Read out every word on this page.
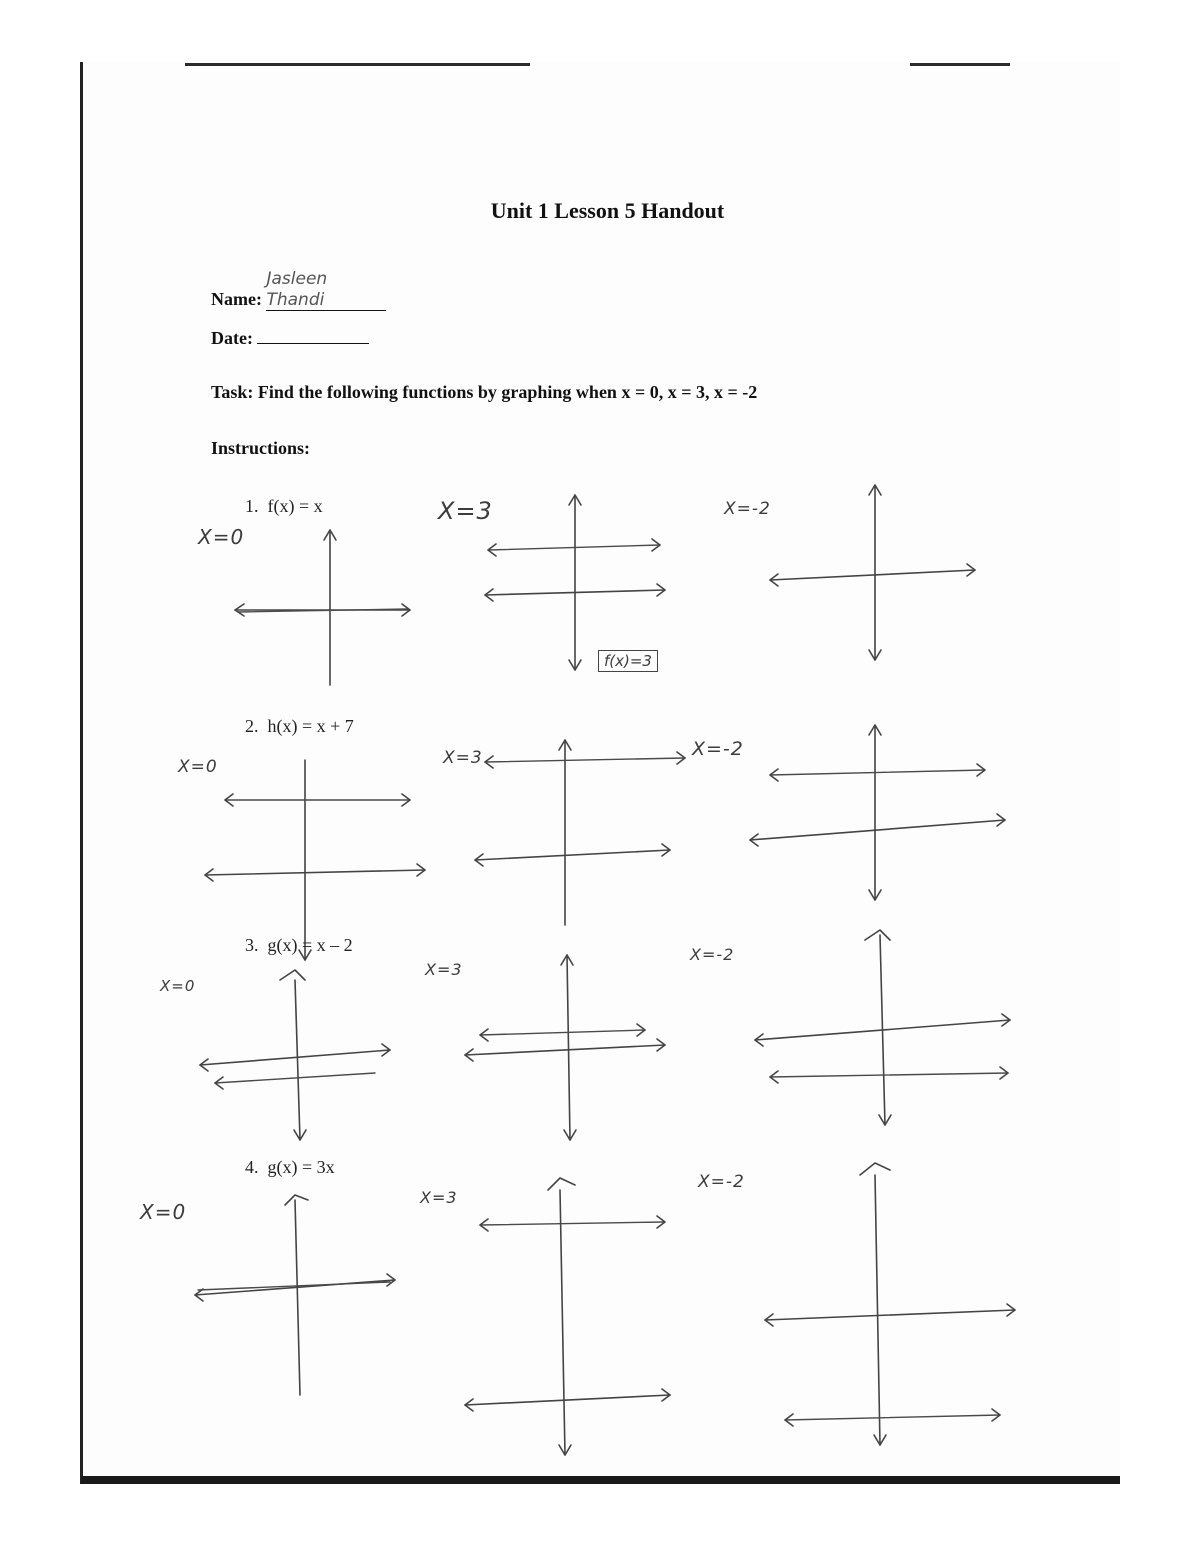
Unit 1 Lesson 5 Handout
Name: Jasleen Thandi
Date:
Task: Find the following functions by graphing when x = 0, x = 3, x = -2
Instructions:
1. f(x) = x
X=0
X=3	X=-2
f(x)=3
2. h(x) = x + 7
X=0	X=3	X=-2
3. g(x) = x – 2
X=0
X=3
X=-2
4. g(x) = 3x
X=0
X=3
X=-2
